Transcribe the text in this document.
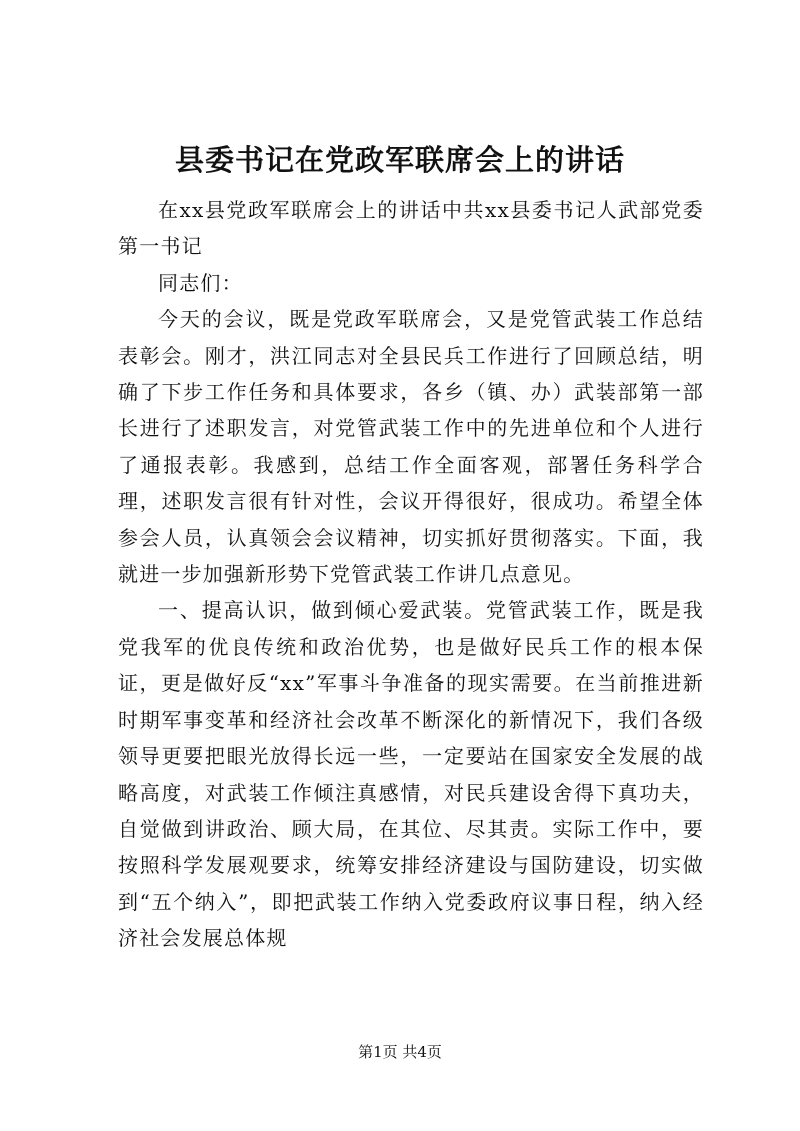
县委书记在党政军联席会上的讲话

在xx县党政军联席会上的讲话中共xx县委书记人武部党委第一书记

同志们：

今天的会议，既是党政军联席会，又是党管武装工作总结表彰会。刚才，洪江同志对全县民兵工作进行了回顾总结，明确了下步工作任务和具体要求，各乡（镇、办）武装部第一部长进行了述职发言，对党管武装工作中的先进单位和个人进行了通报表彰。我感到，总结工作全面客观，部署任务科学合理，述职发言很有针对性，会议开得很好，很成功。希望全体参会人员，认真领会会议精神，切实抓好贯彻落实。下面，我就进一步加强新形势下党管武装工作讲几点意见。

一、提高认识，做到倾心爱武装。党管武装工作，既是我党我军的优良传统和政治优势，也是做好民兵工作的根本保证，更是做好反“xx”军事斗争准备的现实需要。在当前推进新时期军事变革和经济社会改革不断深化的新情况下，我们各级领导更要把眼光放得长远一些，一定要站在国家安全发展的战略高度，对武装工作倾注真感情，对民兵建设舍得下真功夫，自觉做到讲政治、顾大局，在其位、尽其责。实际工作中，要按照科学发展观要求，统筹安排经济建设与国防建设，切实做到“五个纳入”，即把武装工作纳入党委政府议事日程，纳入经济社会发展总体规

第1页 共4页
